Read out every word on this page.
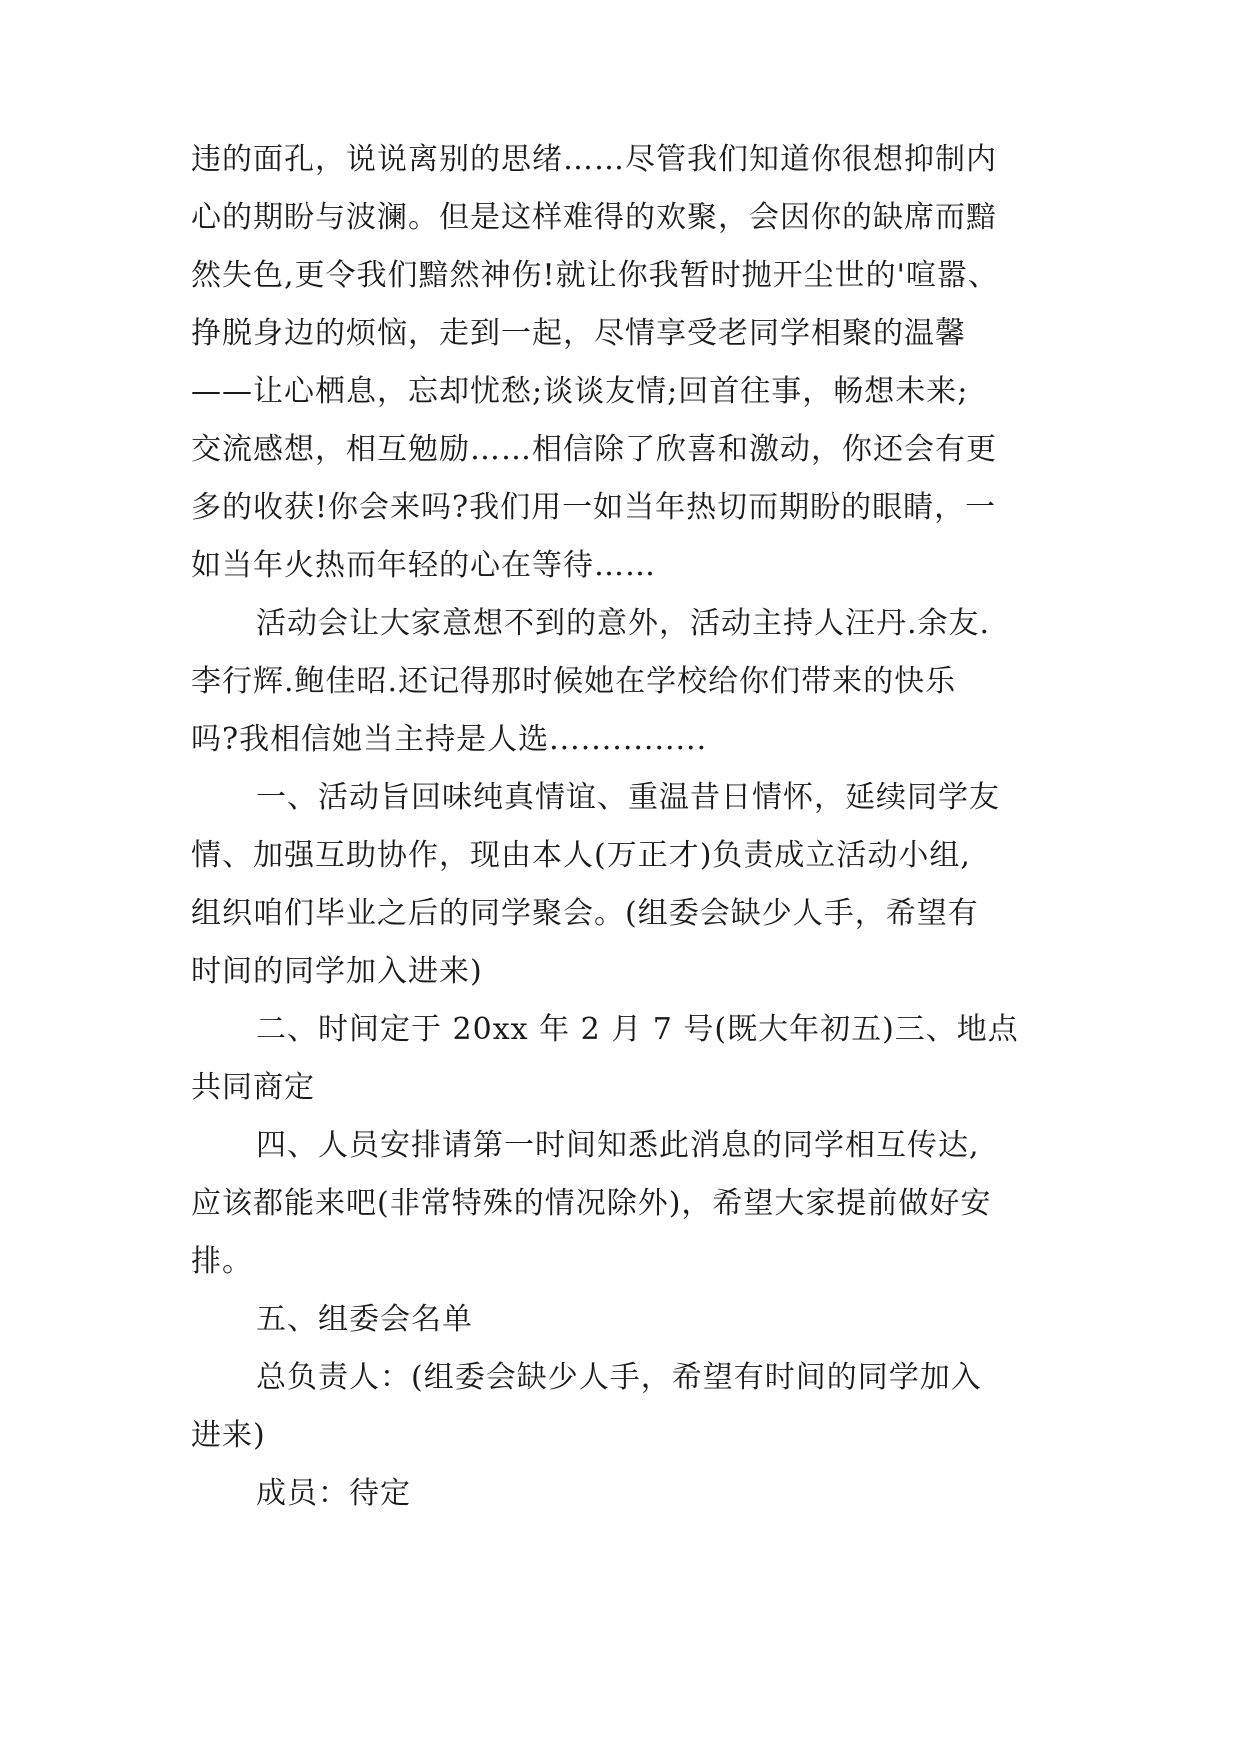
违的面孔，说说离别的思绪……尽管我们知道你很想抑制内
心的期盼与波澜。但是这样难得的欢聚，会因你的缺席而黯
然失色,更令我们黯然神伤!就让你我暂时抛开尘世的'喧嚣、
挣脱身边的烦恼，走到一起，尽情享受老同学相聚的温馨
——让心栖息，忘却忧愁;谈谈友情;回首往事，畅想未来;
交流感想，相互勉励……相信除了欣喜和激动，你还会有更
多的收获!你会来吗?我们用一如当年热切而期盼的眼睛，一
如当年火热而年轻的心在等待……
活动会让大家意想不到的意外，活动主持人汪丹.余友.
李行辉.鲍佳昭.还记得那时候她在学校给你们带来的快乐
吗?我相信她当主持是人选...............
一、活动旨回味纯真情谊、重温昔日情怀，延续同学友
情、加强互助协作，现由本人(万正才)负责成立活动小组,
组织咱们毕业之后的同学聚会。(组委会缺少人手，希望有
时间的同学加入进来)
二、时间定于 20xx 年 2 月 7 号(既大年初五)三、地点
共同商定
四、人员安排请第一时间知悉此消息的同学相互传达,
应该都能来吧(非常特殊的情况除外)，希望大家提前做好安
排。
五、组委会名单
总负责人：(组委会缺少人手，希望有时间的同学加入
进来)
成员：待定
